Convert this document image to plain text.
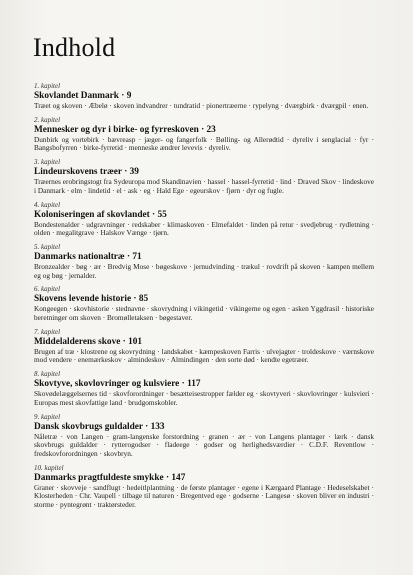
Indhold
1. kapitel
Skovlandet Danmark · 9
Træet og skoven · Æbelø · skoven indvandrer · tundratid · pionertræerne · rypelyng · dværgbirk · dværgpil · enen.
2. kapitel
Mennesker og dyr i birke- og fyrreskoven · 23
Dunbirk og vortebirk · bævreasp · jæger- og fangerfolk · Bølling- og Allerødtid · dyreliv i senglacial · fyr · Bangsbofyrren · birke-fyrretid · menneske ændrer levevis · dyreliv.
3. kapitel
Lindeurskovens træer · 39
Træernes erobringstogt fra Sydeuropa mod Skandinavien · hassel · hassel-fyrretid · lind · Draved Skov · lindeskove i Danmark · elm · lindetid · el · ask · eg · Hald Ege · egeurskov · fjørn · dyr og fugle.
4. kapitel
Koloniseringen af skovlandet · 55
Bondestenalder · udgravninger · redskaber · klimaskoven · Elmefaldet · linden på retur · svedjebrug · rydletning · olden · megalitgrave · Halskov Vænge · tjørn.
5. kapitel
Danmarks nationaltræ · 71
Bronzealder · bøg · ær · Bredvig Mose · bøgeskove · jernudvinding · trækul · rovdrift på skoven · kampen mellem eg og bøg · jernalder.
6. kapitel
Skovens levende historie · 85
Kongeegen · skovhistorie · stednavne · skovrydning i vikingetid · vikingerne og egen · asken Yggdrasil · historiske beretninger om skoven · Bromølletaksen · bøgestaver.
7. kapitel
Middelalderens skove · 101
Brugen af træ · klostrene og skovrydning · landskabet · kæmpeskoven Farris · ulvejagter · troldeskove · værnskove mod vendere · enemærkeskov · almindeskov · Almindingen · den sorte død · kendte egetræer.
8. kapitel
Skovtyve, skovlovringer og kulsviere · 117
Skovødelæggelsernes tid · skovforordninger · besætteisestropper fælder eg · skovtyveri · skovlovringer · kulsvieri · Europas mest skovfattige land · brudgomskobler.
9. kapitel
Dansk skovbrugs guldalder · 133
Nåletræ · von Langen · gram-langenske forstordning · granen · ær · von Langens plantager · lærk · dansk skovbrugs guldalder · rytterogodser · fladeege · godser og herlighedsværdier · C.D.F. Reventlow · fredskovforordningen · skovbryn.
10. kapitel
Danmarks pragtfuldeste smykke · 147
Graner · skovveje · sandflugt · hedeitlplantning · de første plantager · egene i Kærgaard Plantage · Hedeselskabet · Klosterheden · Chr. Vaupell · tilbage til naturen · Bregentved ege · godserne · Langesø · skoven bliver en industri · storme · pyntegrønt · traktørsteder.
